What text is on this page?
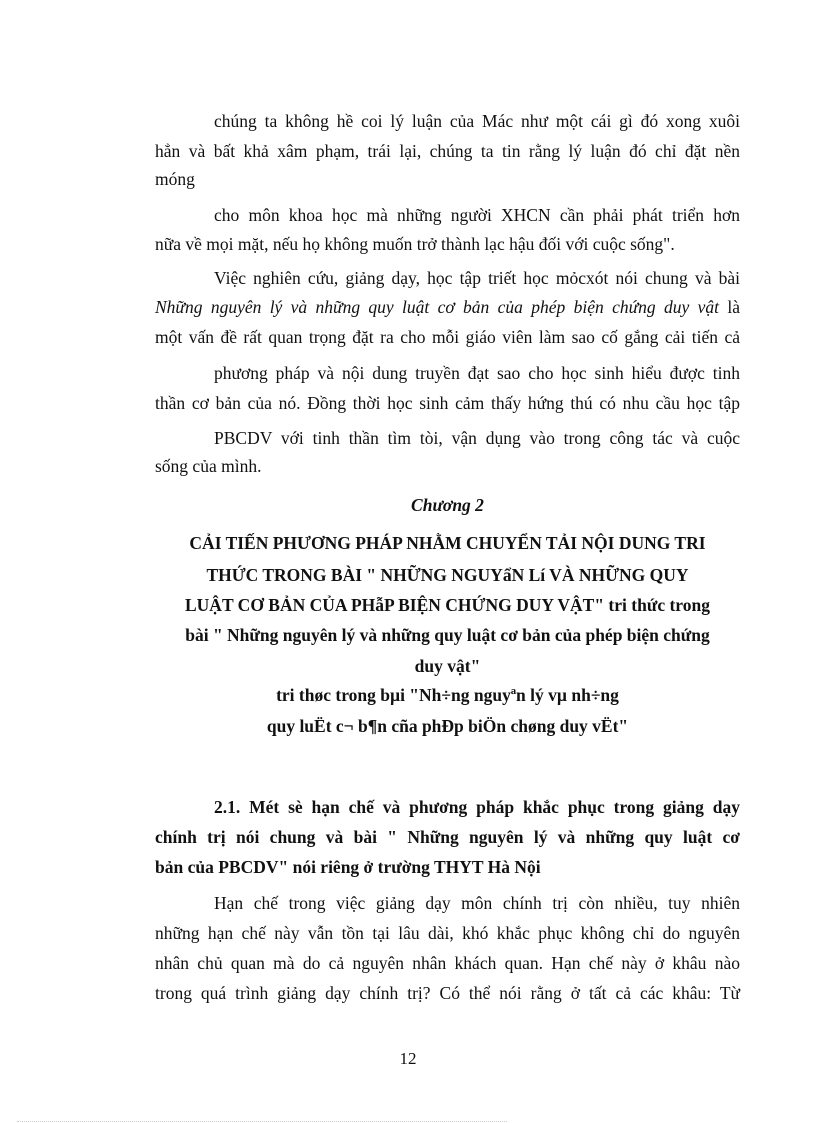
chúng ta không hề coi lý luận của Mác như một cái gì đó xong xuôi
hẳn và bất khả xâm phạm, trái lại, chúng ta tin rằng lý luận đó chỉ đặt nền
móng
cho môn khoa học mà những người XHCN cần phải phát triển hơn
nữa về mọi mặt, nếu họ không muốn trở thành lạc hậu đối với cuộc sống".
Việc nghiên cứu, giảng dạy, học tập triết học mỏcxót nói chung và bài
Những nguyên lý và những quy luật cơ bản của phép biện chứng duy vật là
một vấn đề rất quan trọng đặt ra cho mỗi giáo viên làm sao cố gắng cải tiến cả
phương pháp và nội dung truyền đạt sao cho học sinh hiểu được tinh
thần cơ bản của nó. Đồng thời học sinh cảm thấy hứng thú có nhu cầu học tập
PBCDV với tinh thần tìm tòi, vận dụng vào trong công tác và cuộc
sống của mình.
Chương 2
CẢI TIẾN PHƯƠNG PHÁP NHẰM CHUYỂN TẢI NỘI DUNG TRI
THỨC TRONG BÀI " NHỮNG NGUYẩN Lí VÀ NHỮNG QUY
LUẬT CƠ BẢN CỦA PHẫP BIỆN CHỨNG DUY VẬT" tri thức trong
bài " Những nguyên lý và những quy luật cơ bản của phép biện chứng
duy vật"
tri thøc trong bµi "Nh÷ng nguyªn lý vµ nh÷ng
quy luËt c¬ b¶n cña phÐp biÖn chøng duy vËt"
2.1. Mét sè hạn chế và phương pháp khắc phục trong giảng dạy
chính trị nói chung và bài " Những nguyên lý và những quy luật cơ
bản của PBCDV" nói riêng ở trường THYT Hà Nội
Hạn chế trong việc giảng dạy môn chính trị còn nhiều, tuy nhiên
những hạn chế này vẫn tồn tại lâu dài, khó khắc phục không chỉ do nguyên
nhân chủ quan mà do cả nguyên nhân khách quan. Hạn chế này ở khâu nào
trong quá trình giảng dạy chính trị? Có thể nói rằng ở tất cả các khâu: Từ
12
